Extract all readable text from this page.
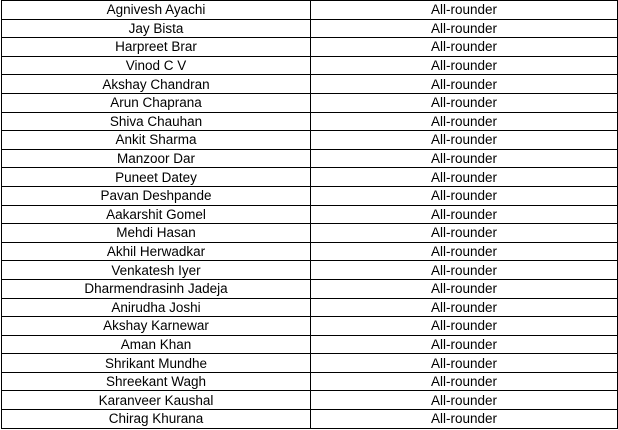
Agnivesh Ayachi	All-rounder
Jay Bista	All-rounder
Harpreet Brar	All-rounder
Vinod C V	All-rounder
Akshay Chandran	All-rounder
Arun Chaprana	All-rounder
Shiva Chauhan	All-rounder
Ankit Sharma	All-rounder
Manzoor Dar	All-rounder
Puneet Datey	All-rounder
Pavan Deshpande	All-rounder
Aakarshit Gomel	All-rounder
Mehdi Hasan	All-rounder
Akhil Herwadkar	All-rounder
Venkatesh Iyer	All-rounder
Dharmendrasinh Jadeja	All-rounder
Anirudha Joshi	All-rounder
Akshay Karnewar	All-rounder
Aman Khan	All-rounder
Shrikant Mundhe	All-rounder
Shreekant Wagh	All-rounder
Karanveer Kaushal	All-rounder
Chirag Khurana	All-rounder
